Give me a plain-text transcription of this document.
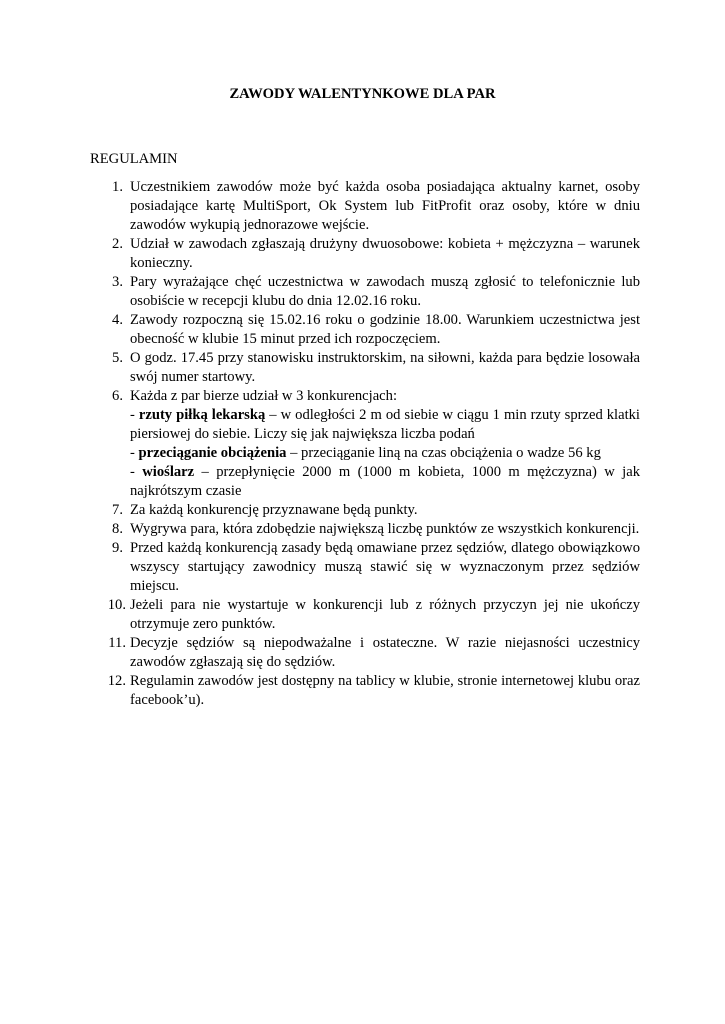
ZAWODY WALENTYNKOWE DLA PAR
REGULAMIN
1. Uczestnikiem zawodów może być każda osoba posiadająca aktualny karnet, osoby posiadające kartę MultiSport, Ok System lub FitProfit oraz osoby, które w dniu zawodów wykupią jednorazowe wejście.
2. Udział w zawodach zgłaszają drużyny dwuosobowe: kobieta + mężczyzna – warunek konieczny.
3. Pary wyrażające chęć uczestnictwa w zawodach muszą zgłosić to telefonicznie lub osobiście w recepcji klubu do dnia 12.02.16 roku.
4. Zawody rozpoczną się 15.02.16 roku o godzinie 18.00. Warunkiem uczestnictwa jest obecność w klubie 15 minut przed ich rozpoczęciem.
5. O godz. 17.45 przy stanowisku instruktorskim, na siłowni, każda para będzie losowała swój numer startowy.
6. Każda z par bierze udział w 3 konkurencjach:
- rzuty piłką lekarską – w odległości 2 m od siebie w ciągu 1 min rzuty sprzed klatki piersiowej do siebie. Liczy się jak największa liczba podań
- przeciąganie obciążenia – przeciąganie liną na czas obciążenia o wadze 56 kg
- wioślarz – przepłynięcie 2000 m (1000 m kobieta, 1000 m mężczyzna) w jak najkrótszym czasie
7. Za każdą konkurencję przyznawane będą punkty.
8. Wygrywa para, która zdobędzie największą liczbę punktów ze wszystkich konkurencji.
9. Przed każdą konkurencją zasady będą omawiane przez sędziów, dlatego obowiązkowo wszyscy startujący zawodnicy muszą stawić się w wyznaczonym przez sędziów miejscu.
10. Jeżeli para nie wystartuje w konkurencji lub z różnych przyczyn jej nie ukończy otrzymuje zero punktów.
11. Decyzje sędziów są niepodważalne i ostateczne. W razie niejasności uczestnicy zawodów zgłaszają się do sędziów.
12. Regulamin zawodów jest dostępny na tablicy w klubie, stronie internetowej klubu oraz facebook’u).
